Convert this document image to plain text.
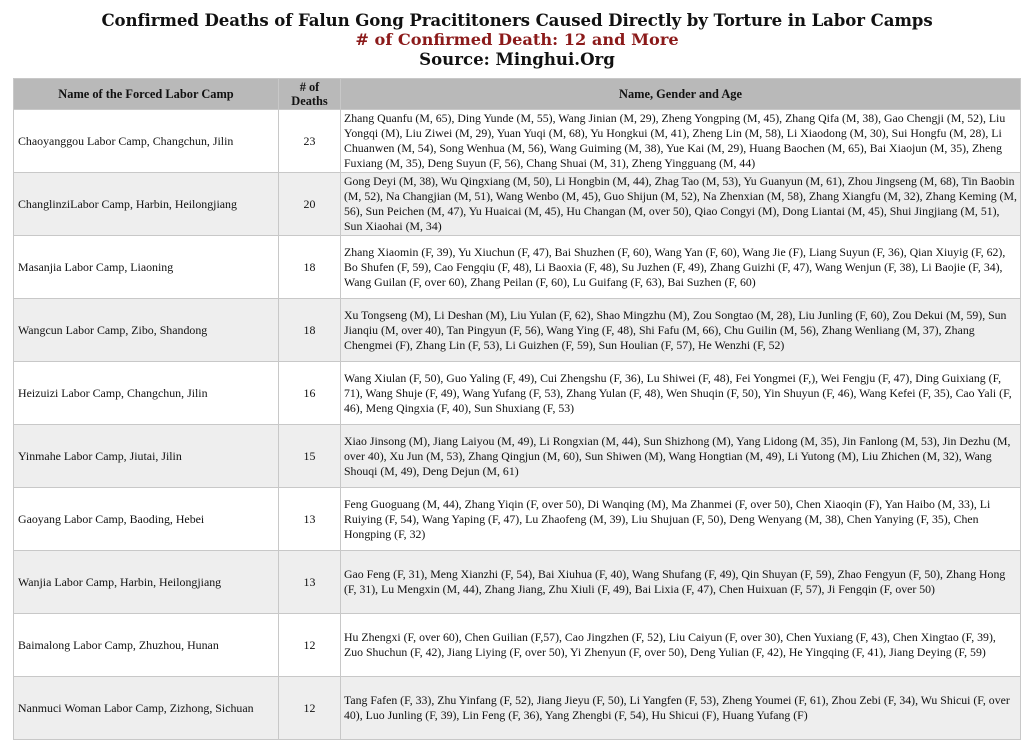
Confirmed Deaths of Falun Gong Pracititoners Caused Directly by Torture in Labor Camps
# of Confirmed Death: 12 and More
Source: Minghui.Org
Name of the Forced Labor Camp	# of Deaths	Name, Gender and Age
Chaoyanggou Labor Camp, Changchun, Jilin	23	Zhang Quanfu (M, 65), Ding Yunde (M, 55), Wang Jinian (M, 29), Zheng Yongping (M, 45), Zhang Qifa (M, 38), Gao Chengji (M, 52), Liu Yongqi (M), Liu Ziwei (M, 29), Yuan Yuqi (M, 68), Yu Hongkui (M, 41), Zheng Lin (M, 58), Li Xiaodong (M, 30), Sui Hongfu (M, 28), Li Chuanwen (M, 54), Song Wenhua (M, 56), Wang Guiming (M, 38), Yue Kai (M, 29), Huang Baochen (M, 65), Bai Xiaojun (M, 35), Zheng Fuxiang (M, 35), Deng Suyun (F, 56), Chang Shuai (M, 31), Zheng Yingguang (M, 44)
ChanglinziLabor Camp, Harbin, Heilongjiang	20	Gong Deyi (M, 38), Wu Qingxiang (M, 50), Li Hongbin (M, 44), Zhag Tao (M, 53), Yu Guanyun (M, 61), Zhou Jingseng (M, 68), Tin Baobin (M, 52), Na Changjian (M, 51), Wang Wenbo (M, 45), Guo Shijun (M, 52), Na Zhenxian (M, 58), Zhang Xiangfu (M, 32), Zhang Keming (M, 56), Sun Peichen (M, 47), Yu Huaicai (M, 45), Hu Changan (M, over 50), Qiao Congyi (M), Dong Liantai (M, 45), Shui Jingjiang (M, 51), Sun Xiaohai (M, 34)
Masanjia Labor Camp, Liaoning	18	Zhang Xiaomin (F, 39), Yu Xiuchun (F, 47), Bai Shuzhen (F, 60), Wang Yan (F, 60), Wang Jie (F), Liang Suyun (F, 36), Qian Xiuyig (F, 62), Bo Shufen (F, 59), Cao Fengqiu (F, 48), Li Baoxia (F, 48), Su Juzhen (F, 49), Zhang Guizhi (F, 47), Wang Wenjun (F, 38), Li Baojie (F, 34), Wang Guilan (F, over 60), Zhang Peilan (F, 60), Lu Guifang (F, 63), Bai Suzhen (F, 60)
Wangcun Labor Camp, Zibo, Shandong	18	Xu Tongseng (M), Li Deshan (M), Liu Yulan (F, 62), Shao Mingzhu (M), Zou Songtao (M, 28), Liu Junling (F, 60), Zou Dekui (M, 59), Sun Jianqiu (M, over 40), Tan Pingyun (F, 56), Wang Ying (F, 48), Shi Fafu (M, 66), Chu Guilin (M, 56), Zhang Wenliang (M, 37), Zhang Chengmei (F), Zhang Lin (F, 53), Li Guizhen (F, 59), Sun Houlian (F, 57), He Wenzhi (F, 52)
Heizuizi Labor Camp, Changchun, Jilin	16	Wang Xiulan (F, 50), Guo Yaling (F, 49), Cui Zhengshu (F, 36), Lu Shiwei (F, 48), Fei Yongmei (F,), Wei Fengju (F, 47), Ding Guixiang (F, 71), Wang Shuje (F, 49), Wang Yufang (F, 53), Zhang Yulan (F, 48), Wen Shuqin (F, 50), Yin Shuyun (F, 46), Wang Kefei (F, 35), Cao Yali (F, 46), Meng Qingxia (F, 40), Sun Shuxiang (F, 53)
Yinmahe Labor Camp, Jiutai, Jilin	15	Xiao Jinsong (M), Jiang Laiyou (M, 49), Li Rongxian (M, 44), Sun Shizhong (M), Yang Lidong (M, 35), Jin Fanlong (M, 53), Jin Dezhu (M, over 40), Xu Jun (M, 53), Zhang Qingjun (M, 60), Sun Shiwen (M), Wang Hongtian (M, 49), Li Yutong (M), Liu Zhichen (M, 32), Wang Shouqi (M, 49), Deng Dejun (M, 61)
Gaoyang Labor Camp, Baoding, Hebei	13	Feng Guoguang (M, 44), Zhang Yiqin (F, over 50), Di Wanqing (M), Ma Zhanmei (F, over 50), Chen Xiaoqin (F), Yan Haibo (M, 33), Li Ruiying (F, 54), Wang Yaping (F, 47), Lu Zhaofeng (M, 39), Liu Shujuan (F, 50), Deng Wenyang (M, 38), Chen Yanying (F, 35), Chen Hongping (F, 32)
Wanjia Labor Camp, Harbin, Heilongjiang	13	Gao Feng (F, 31), Meng Xianzhi (F, 54), Bai Xiuhua (F, 40), Wang Shufang (F, 49), Qin Shuyan (F, 59), Zhao Fengyun (F, 50), Zhang Hong (F, 31), Lu Mengxin (M, 44), Zhang Jiang, Zhu Xiuli (F, 49), Bai Lixia (F, 47), Chen Huixuan (F, 57), Ji Fengqin (F, over 50)
Baimalong Labor Camp, Zhuzhou, Hunan	12	Hu Zhengxi (F, over 60), Chen Guilian (F,57), Cao Jingzhen (F, 52), Liu Caiyun (F, over 30), Chen Yuxiang (F, 43), Chen Xingtao (F, 39), Zuo Shuchun (F, 42), Jiang Liying (F, over 50), Yi Zhenyun (F, over 50), Deng Yulian (F, 42), He Yingqing (F, 41), Jiang Deying (F, 59)
Nanmuci Woman Labor Camp, Zizhong, Sichuan	12	Tang Fafen (F, 33), Zhu Yinfang (F, 52), Jiang Jieyu (F, 50), Li Yangfen (F, 53), Zheng Youmei (F, 61), Zhou Zebi (F, 34), Wu Shicui (F, over 40), Luo Junling (F, 39), Lin Feng (F, 36), Yang Zhengbi (F, 54), Hu Shicui (F), Huang Yufang (F)
